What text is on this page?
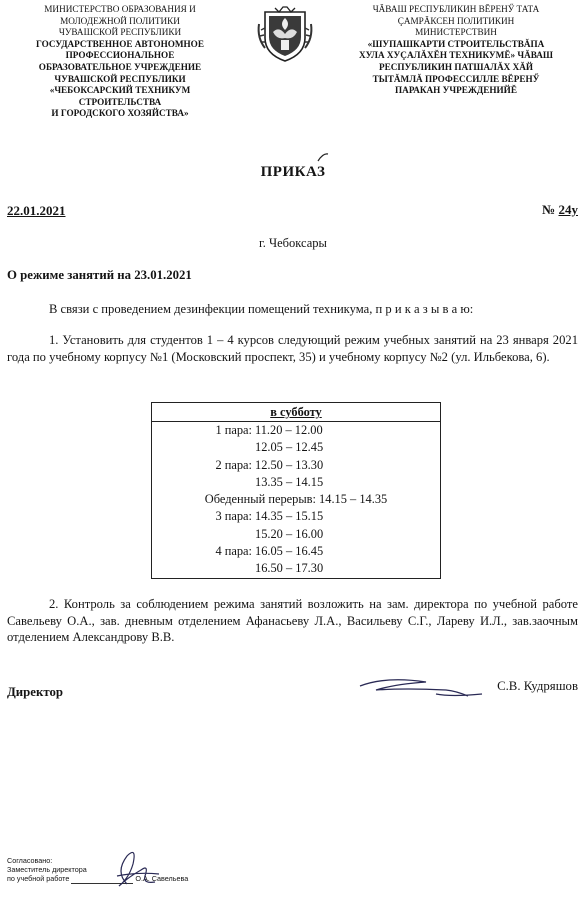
МИНИСТЕРСТВО ОБРАЗОВАНИЯ И
МОЛОДЕЖНОЙ ПОЛИТИКИ
ЧУВАШСКОЙ РЕСПУБЛИКИ
ГОСУДАРСТВЕННОЕ АВТОНОМНОЕ
ПРОФЕССИОНАЛЬНОЕ
ОБРАЗОВАТЕЛЬНОЕ УЧРЕЖДЕНИЕ
ЧУВАШСКОЙ РЕСПУБЛИКИ
«ЧЕБОКСАРСКИЙ ТЕХНИКУМ
СТРОИТЕЛЬСТВА
И ГОРОДСКОГО ХОЗЯЙСТВА»
ЧĂВАШ РЕСПУБЛИКИН ВĔРЕНӲ ТАТА
ÇАМРĂКСЕН ПОЛИТИКИН
МИНИСТЕРСТВИН
«ШУПАШКАРТИ СТРОИТЕЛЬСТВĂПА
ХУЛА ХУÇАЛĂХĔН ТЕХНИКУМĔ» ЧĂВАШ
РЕСПУБЛИКИН ПАТШАЛĂХ ХĂЙ
ТЫТĂМЛĂ ПРОФЕССИЛЛЕ ВĔРЕНӲ
ПАРАКАН УЧРЕЖДЕНИЙĔ
ПРИКАЗ
22.01.2021	№ 24у
г. Чебоксары
О режиме занятий на 23.01.2021
В связи с проведением дезинфекции помещений техникума, п р и к а з ы в а ю:
1. Установить для студентов 1 – 4 курсов следующий режим учебных занятий на 23 января 2021 года по учебному корпусу №1 (Московский проспект, 35) и учебному корпусу №2 (ул. Ильбекова, 6).
в субботу	
1 пара:	11.20 – 12.00
	12.05 – 12.45
2 пара:	12.50 – 13.30
	13.35 – 14.15
Обеденный перерыв: 14.15 – 14.35	
3 пара:	14.35 – 15.15
	15.20 – 16.00
4 пара:	16.05 – 16.45
	16.50 – 17.30
2. Контроль за соблюдением режима занятий возложить на зам. директора по учебной работе Савельеву О.А., зав. дневным отделением Афанасьеву Л.А., Васильеву С.Г., Лареву И.Л., зав.заочным отделением Александрову В.В.
Директор	С.В. Кудряшов
Согласовано:
Заместитель директора
по учебной работе	О.А. Савельева
